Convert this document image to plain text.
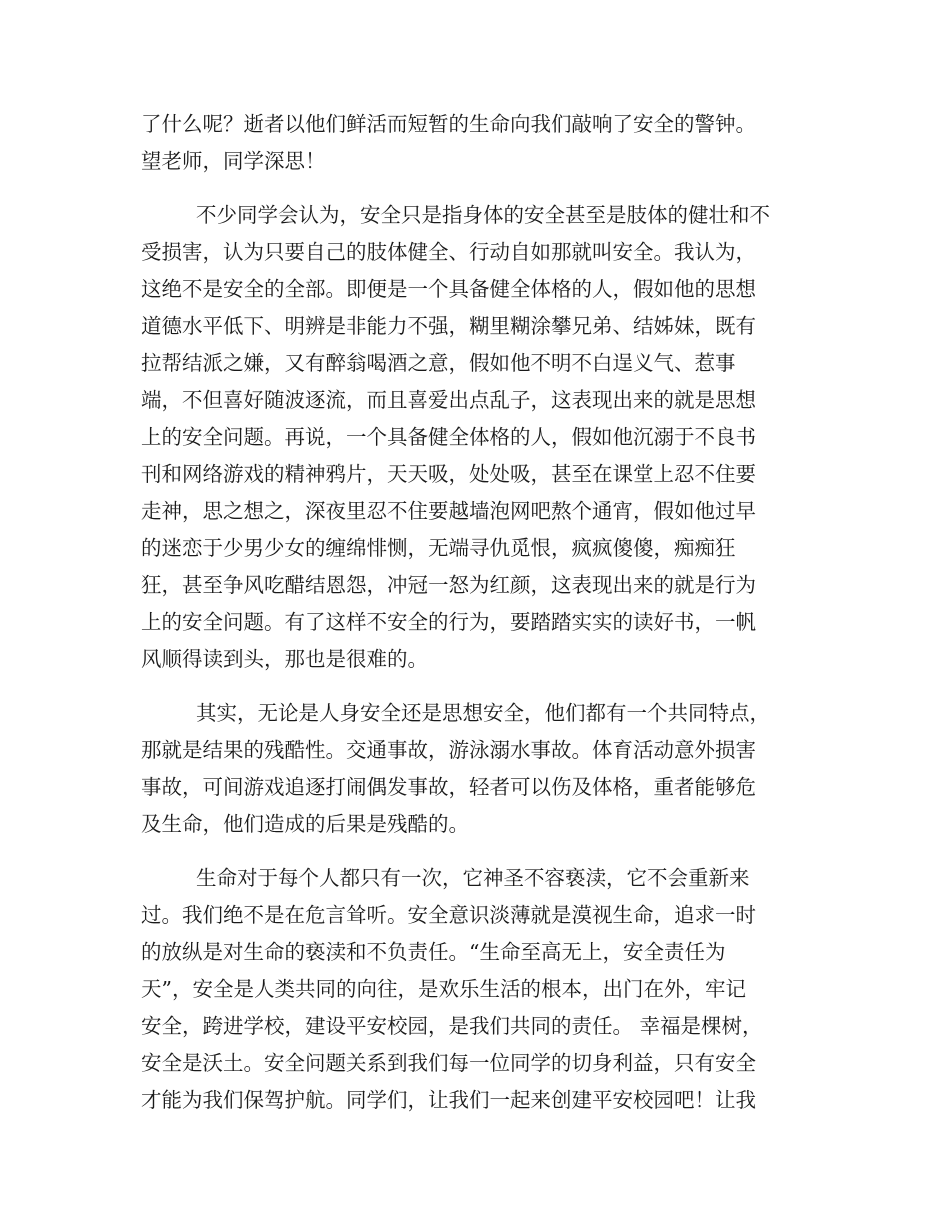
了什么呢？逝者以他们鲜活而短暂的生命向我们敲响了安全的警钟。
望老师，同学深思！
不少同学会认为，安全只是指身体的安全甚至是肢体的健壮和不
受损害，认为只要自己的肢体健全、行动自如那就叫安全。我认为，
这绝不是安全的全部。即便是一个具备健全体格的人，假如他的思想
道德水平低下、明辨是非能力不强，糊里糊涂攀兄弟、结姊妹，既有
拉帮结派之嫌，又有醉翁喝酒之意，假如他不明不白逞义气、惹事
端，不但喜好随波逐流，而且喜爱出点乱子，这表现出来的就是思想
上的安全问题。再说，一个具备健全体格的人，假如他沉溺于不良书
刊和网络游戏的精神鸦片，天天吸，处处吸，甚至在课堂上忍不住要
走神，思之想之，深夜里忍不住要越墙泡网吧熬个通宵，假如他过早
的迷恋于少男少女的缠绵悱恻，无端寻仇觅恨，疯疯傻傻，痴痴狂
狂，甚至争风吃醋结恩怨，冲冠一怒为红颜，这表现出来的就是行为
上的安全问题。有了这样不安全的行为，要踏踏实实的读好书，一帆
风顺得读到头，那也是很难的。
其实，无论是人身安全还是思想安全，他们都有一个共同特点，
那就是结果的残酷性。交通事故，游泳溺水事故。体育活动意外损害
事故，可间游戏追逐打闹偶发事故，轻者可以伤及体格，重者能够危
及生命，他们造成的后果是残酷的。
生命对于每个人都只有一次，它神圣不容亵渎，它不会重新来
过。我们绝不是在危言耸听。安全意识淡薄就是漠视生命，追求一时
的放纵是对生命的亵渎和不负责任。“生命至高无上，安全责任为
天”，安全是人类共同的向往，是欢乐生活的根本，出门在外，牢记
安全，跨进学校，建设平安校园，是我们共同的责任。 幸福是棵树，
安全是沃土。安全问题关系到我们每一位同学的切身利益，只有安全
才能为我们保驾护航。同学们，让我们一起来创建平安校园吧！让我
